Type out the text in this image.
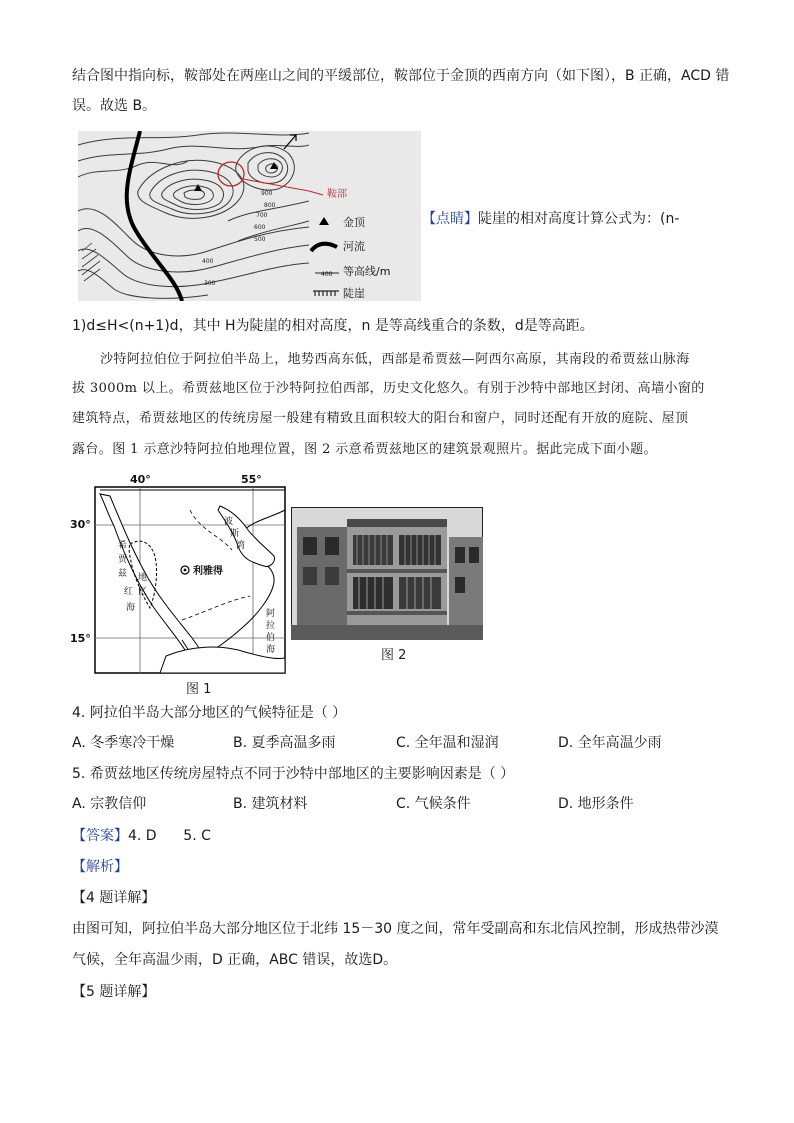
结合图中指向标，鞍部处在两座山之间的平缓部位，鞍部位于金顶的西南方向（如下图），B 正确，ACD 错
误。故选 B。
900
800
700
600
500
400
300
鞍部
金顶
河流
400 等高线/m
陡崖
【点睛】陡崖的相对高度计算公式为：(n-
1)d≤H<(n+1)d，其中 H为陡崖的相对高度，n 是等高线重合的条数，d是等高距。
沙特阿拉伯位于阿拉伯半岛上，地势西高东低，西部是希贾兹—阿西尔高原，其南段的希贾兹山脉海
拔 3000m 以上。希贾兹地区位于沙特阿拉伯西部，历史文化悠久。有别于沙特中部地区封闭、高墙小窗的
建筑特点，希贾兹地区的传统房屋一般建有精致且面积较大的阳台和窗户，同时还配有开放的庭院、屋顶
露台。图 1 示意沙特阿拉伯地理位置，图 2 示意希贾兹地区的建筑景观照片。据此完成下面小题。
40°	55°
30°
15°
利雅得
希
贾
兹 地
区
红
海
波
斯
湾
阿
拉
伯
海
图 1
图 2
4. 阿拉伯半岛大部分地区的气候特征是（ ）
A. 冬季寒冷干燥	B. 夏季高温多雨	C. 全年温和湿润	D. 全年高温少雨
5. 希贾兹地区传统房屋特点不同于沙特中部地区的主要影响因素是（ ）
A. 宗教信仰	B. 建筑材料	C. 气候条件	D. 地形条件
【答案】4. D      5. C
【解析】
【4 题详解】
由图可知，阿拉伯半岛大部分地区位于北纬 15－30 度之间，常年受副高和东北信风控制，形成热带沙漠
气候，全年高温少雨，D 正确，ABC 错误，故选D。
【5 题详解】
